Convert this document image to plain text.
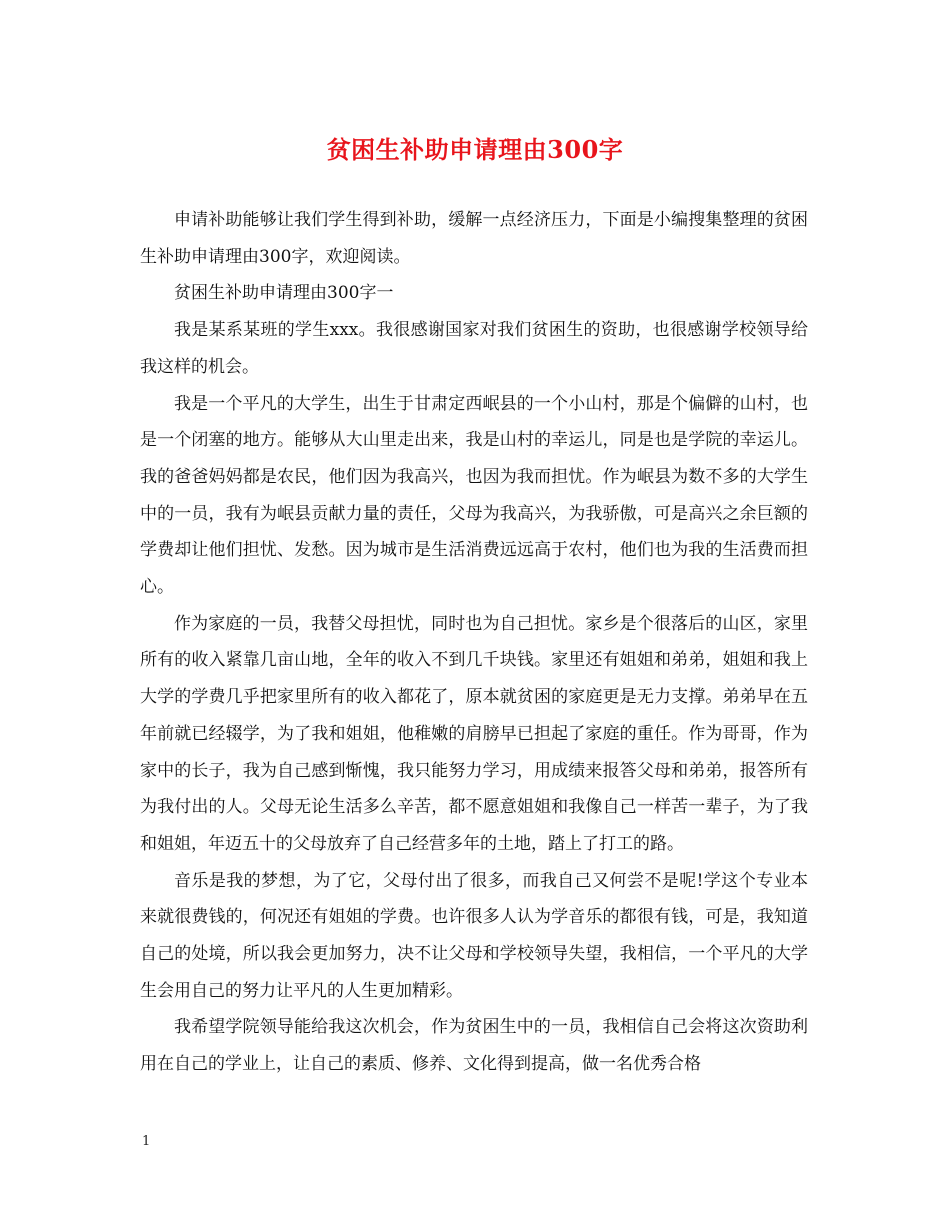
贫困生补助申请理由300字

申请补助能够让我们学生得到补助，缓解一点经济压力，下面是小编搜集整理的贫困生补助申请理由300字，欢迎阅读。

贫困生补助申请理由300字一

我是某系某班的学生xxx。我很感谢国家对我们贫困生的资助，也很感谢学校领导给我这样的机会。

我是一个平凡的大学生，出生于甘肃定西岷县的一个小山村，那是个偏僻的山村，也是一个闭塞的地方。能够从大山里走出来，我是山村的幸运儿，同是也是学院的幸运儿。我的爸爸妈妈都是农民，他们因为我高兴，也因为我而担忧。作为岷县为数不多的大学生中的一员，我有为岷县贡献力量的责任，父母为我高兴，为我骄傲，可是高兴之余巨额的学费却让他们担忧、发愁。因为城市是生活消费远远高于农村，他们也为我的生活费而担心。

作为家庭的一员，我替父母担忧，同时也为自己担忧。家乡是个很落后的山区，家里所有的收入紧靠几亩山地，全年的收入不到几千块钱。家里还有姐姐和弟弟，姐姐和我上大学的学费几乎把家里所有的收入都花了，原本就贫困的家庭更是无力支撑。弟弟早在五年前就已经辍学，为了我和姐姐，他稚嫩的肩膀早已担起了家庭的重任。作为哥哥，作为家中的长子，我为自己感到惭愧，我只能努力学习，用成绩来报答父母和弟弟，报答所有为我付出的人。父母无论生活多么辛苦，都不愿意姐姐和我像自己一样苦一辈子，为了我和姐姐，年迈五十的父母放弃了自己经营多年的土地，踏上了打工的路。

音乐是我的梦想，为了它，父母付出了很多，而我自己又何尝不是呢!学这个专业本来就很费钱的，何况还有姐姐的学费。也许很多人认为学音乐的都很有钱，可是，我知道自己的处境，所以我会更加努力，决不让父母和学校领导失望，我相信，一个平凡的大学生会用自己的努力让平凡的人生更加精彩。

我希望学院领导能给我这次机会，作为贫困生中的一员，我相信自己会将这次资助利用在自己的学业上，让自己的素质、修养、文化得到提高，做一名优秀合格

1
